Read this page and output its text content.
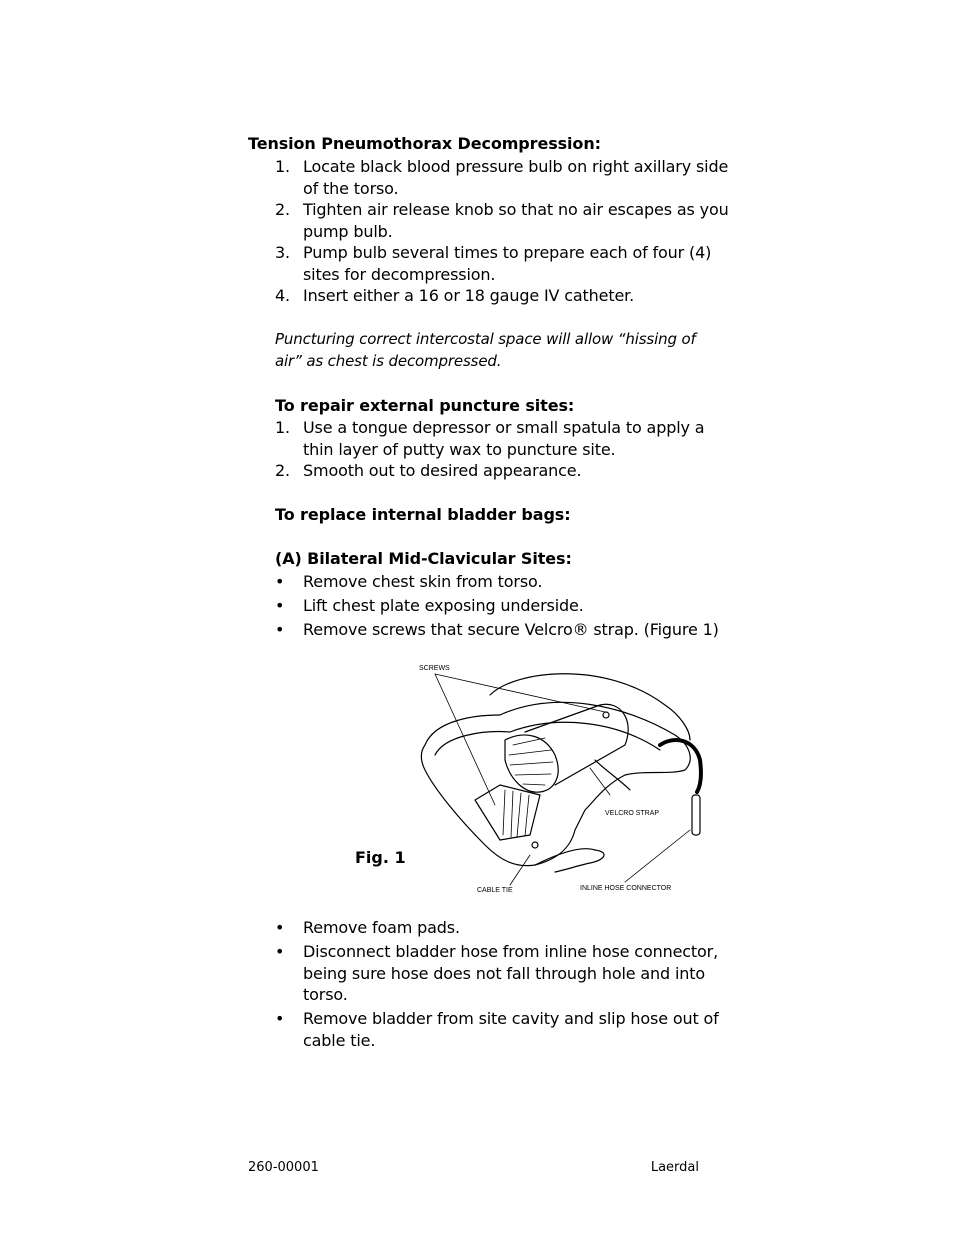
Tension Pneumothorax Decompression:
1. Locate black blood pressure bulb on right axillary side of the torso.
2. Tighten air release knob so that no air escapes as you pump bulb.
3. Pump bulb several times to prepare each of four (4) sites for decompression.
4. Insert either a 16 or 18 gauge IV catheter.

Puncturing correct intercostal space will allow “hissing of air” as chest is decompressed.

To repair external puncture sites:
1. Use a tongue depressor or small spatula to apply a thin layer of putty wax to puncture site.
2. Smooth out to desired appearance.
To replace internal bladder bags:
(A) Bilateral Mid-Clavicular Sites:
•	Remove chest skin from torso.
•	Lift chest plate exposing underside.
•	Remove screws that secure Velcro® strap. (Figure 1)

Fig. 1

SCREWS
VELCRO STRAP
CABLE TIE	INLINE HOSE CONNECTOR
•	Remove foam pads.
•	Disconnect bladder hose from inline hose connector, being sure hose does not fall through hole and into torso.
•	Remove bladder from site cavity and slip hose out of cable tie.

260-00001	Laerdal
